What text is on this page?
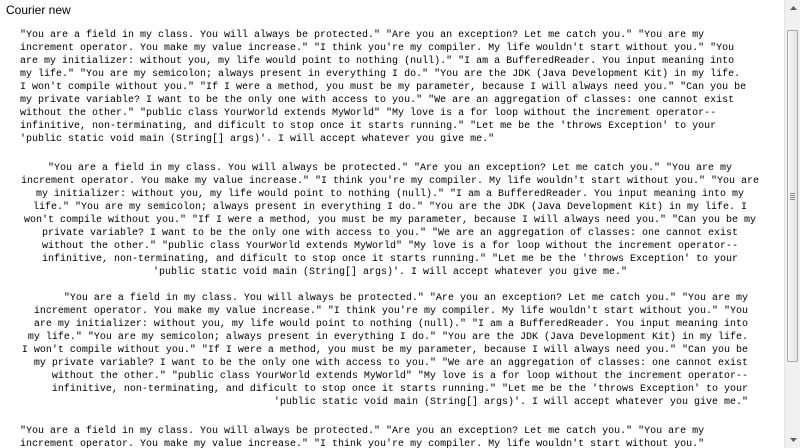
Courier new

"You are a field in my class. You will always be protected." "Are you an exception? Let me catch you." "You are my increment operator. You make my value increase." "I think you're my compiler. My life wouldn't start without you." "You are my initializer: without you, my life would point to nothing (null)." "I am a BufferedReader. You input meaning into my life." "You are my semicolon; always present in everything I do." "You are the JDK (Java Development Kit) in my life. I won't compile without you." "If I were a method, you must be my parameter, because I will always need you." "Can you be my private variable? I want to be the only one with access to you." "We are an aggregation of classes: one cannot exist without the other." "public class YourWorld extends MyWorld" "My love is a for loop without the increment operator-- infinitive, non-terminating, and dificult to stop once it starts running." "Let me be the 'throws Exception' to your 'public static void main (String[] args)'. I will accept whatever you give me."

"You are a field in my class. You will always be protected." "Are you an exception? Let me catch you." "You are my increment operator. You make my value increase." "I think you're my compiler. My life wouldn't start without you." "You are my initializer: without you, my life would point to nothing (null)." "I am a BufferedReader. You input meaning into my life." "You are my semicolon; always present in everything I do." "You are the JDK (Java Development Kit) in my life. I won't compile without you." "If I were a method, you must be my parameter, because I will always need you." "Can you be my private variable? I want to be the only one with access to you." "We are an aggregation of classes: one cannot exist without the other." "public class YourWorld extends MyWorld" "My love is a for loop without the increment operator-- infinitive, non-terminating, and dificult to stop once it starts running." "Let me be the 'throws Exception' to your 'public static void main (String[] args)'. I will accept whatever you give me."

"You are a field in my class. You will always be protected." "Are you an exception? Let me catch you." "You are my increment operator. You make my value increase." "I think you're my compiler. My life wouldn't start without you." "You are my initializer: without you, my life would point to nothing (null)." "I am a BufferedReader. You input meaning into my life." "You are my semicolon; always present in everything I do." "You are the JDK (Java Development Kit) in my life. I won't compile without you." "If I were a method, you must be my parameter, because I will always need you." "Can you be my private variable? I want to be the only one with access to you." "We are an aggregation of classes: one cannot exist without the other." "public class YourWorld extends MyWorld" "My love is a for loop without the increment operator-- infinitive, non-terminating, and dificult to stop once it starts running." "Let me be the 'throws Exception' to your 'public static void main (String[] args)'. I will accept whatever you give me."

"You are a field in my class. You will always be protected." "Are you an exception? Let me catch you." "You are my increment operator. You make my value increase." "I think you're my compiler. My life wouldn't start without you."
